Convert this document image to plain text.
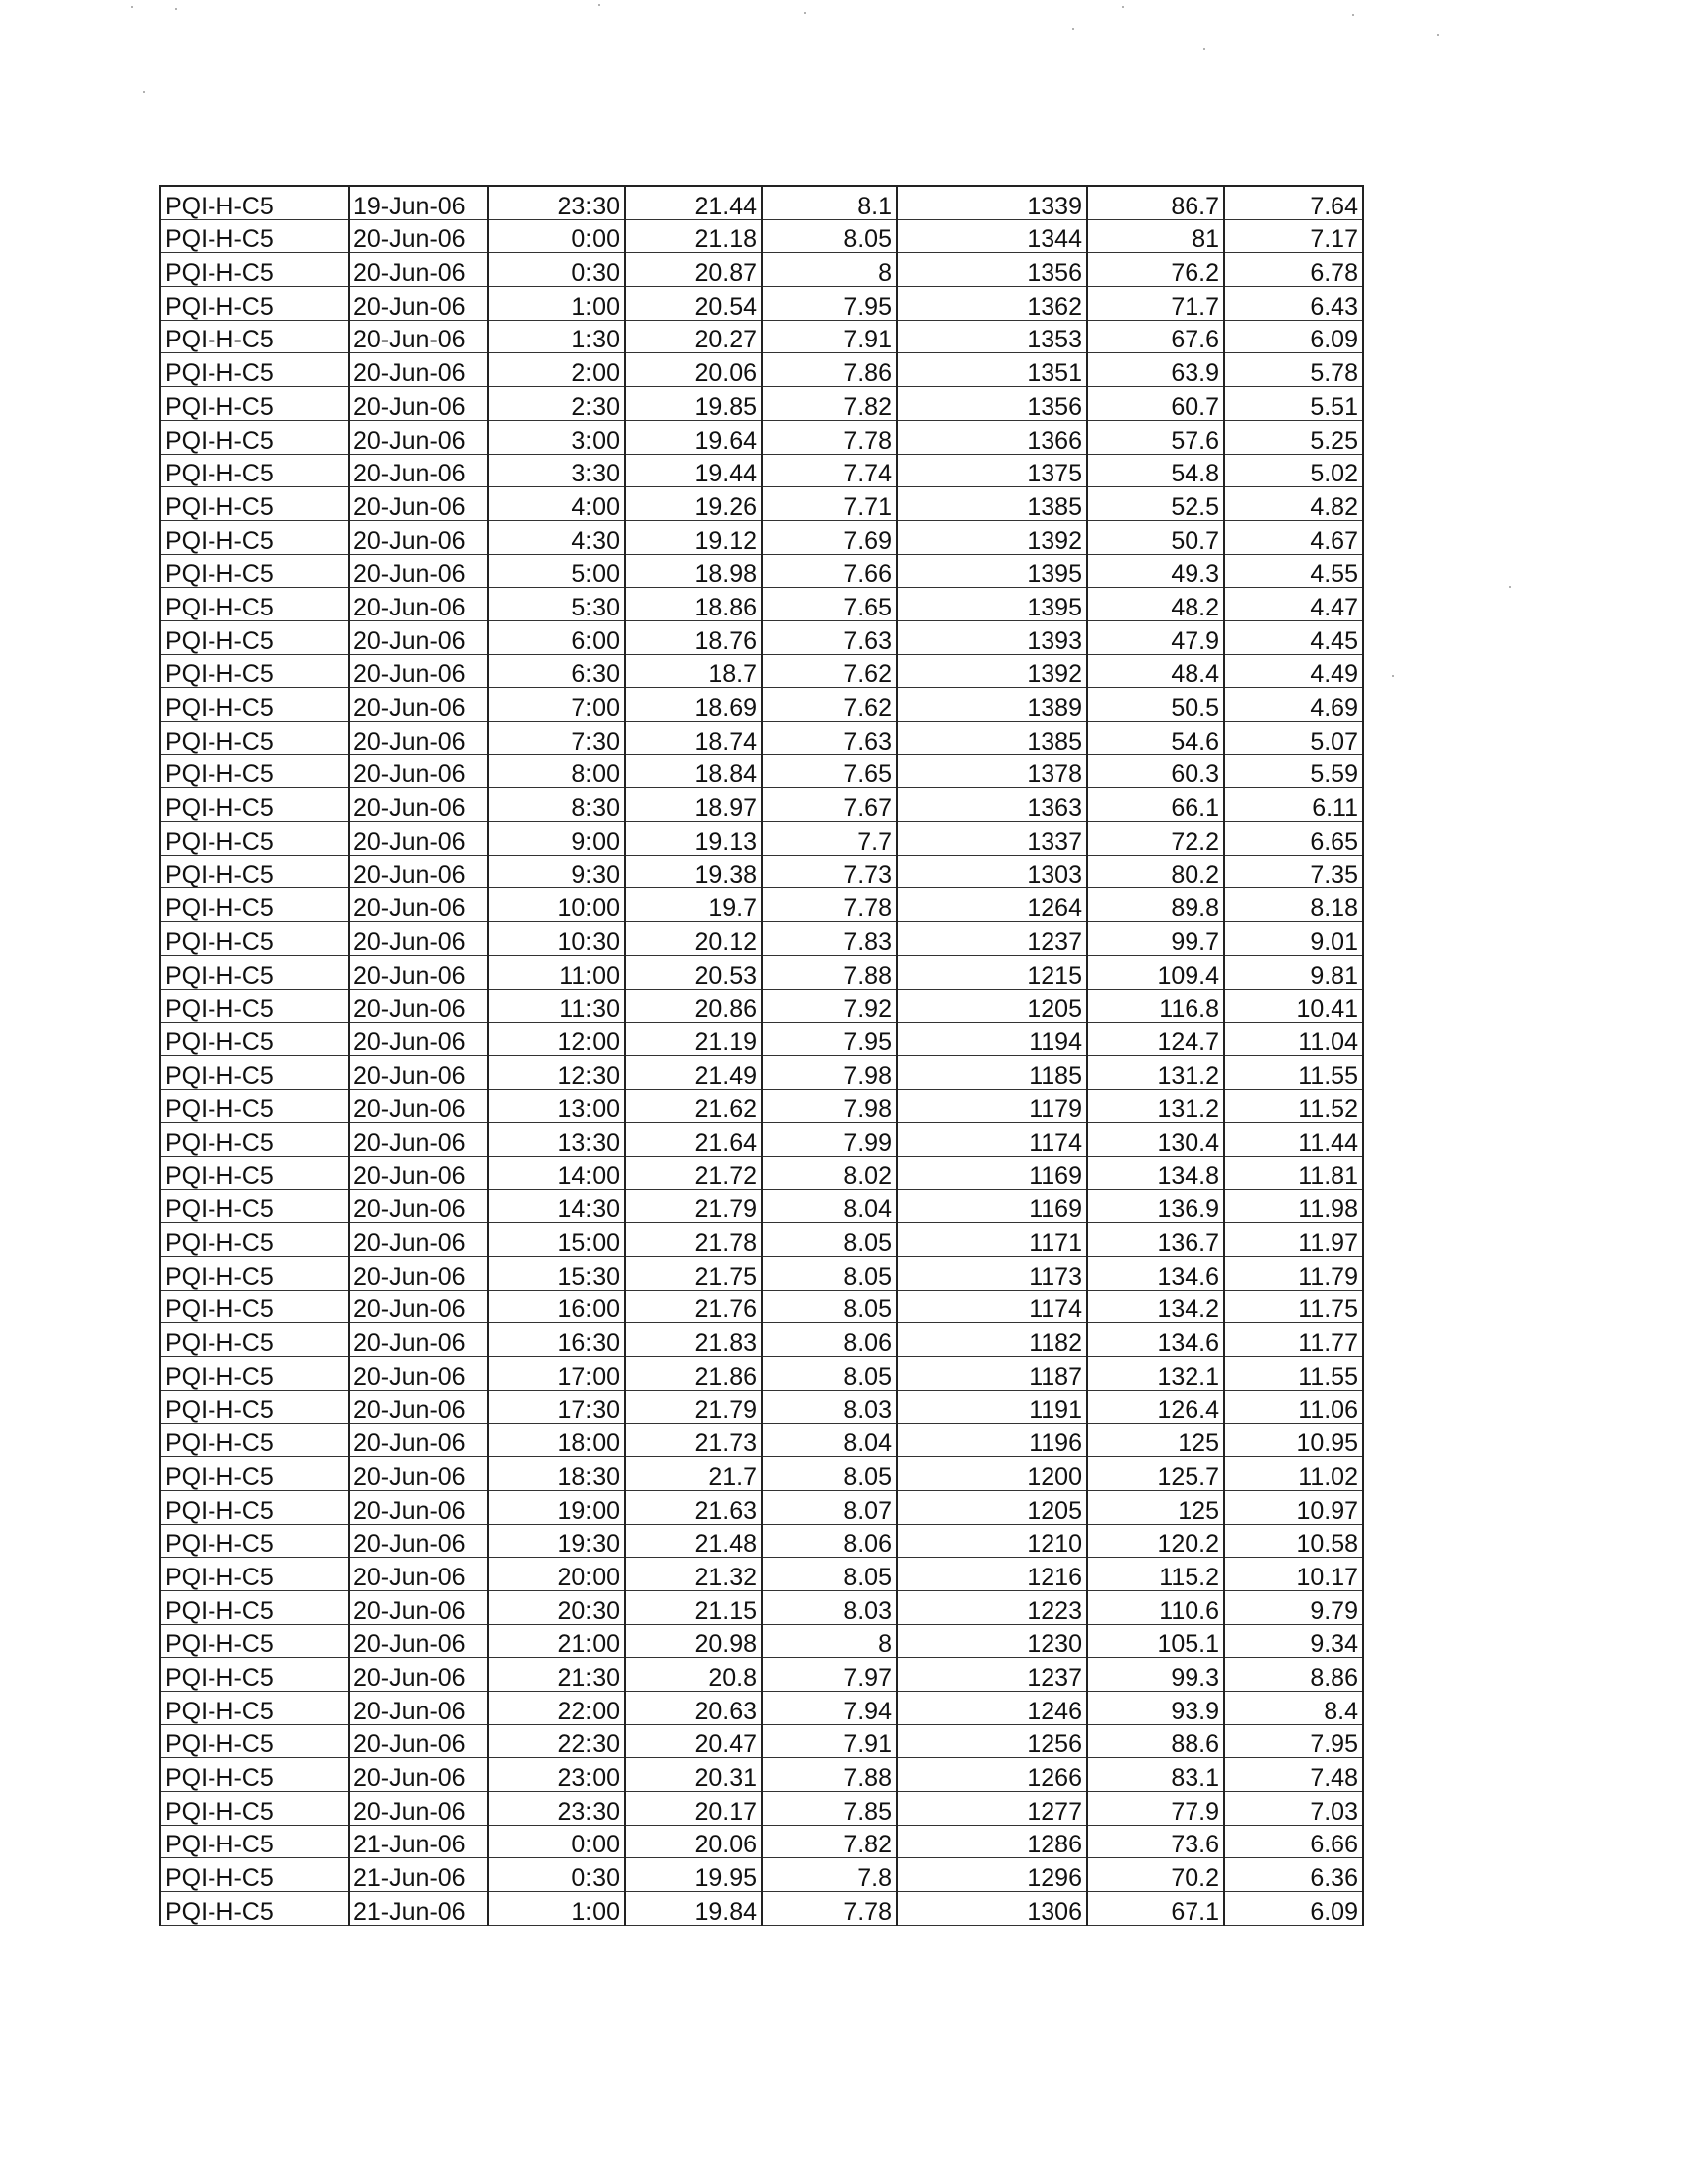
PQI-H-C5	19-Jun-06	23:30	21.44	8.1	1339	86.7	7.64
PQI-H-C5	20-Jun-06	0:00	21.18	8.05	1344	81	7.17
PQI-H-C5	20-Jun-06	0:30	20.87	8	1356	76.2	6.78
PQI-H-C5	20-Jun-06	1:00	20.54	7.95	1362	71.7	6.43
PQI-H-C5	20-Jun-06	1:30	20.27	7.91	1353	67.6	6.09
PQI-H-C5	20-Jun-06	2:00	20.06	7.86	1351	63.9	5.78
PQI-H-C5	20-Jun-06	2:30	19.85	7.82	1356	60.7	5.51
PQI-H-C5	20-Jun-06	3:00	19.64	7.78	1366	57.6	5.25
PQI-H-C5	20-Jun-06	3:30	19.44	7.74	1375	54.8	5.02
PQI-H-C5	20-Jun-06	4:00	19.26	7.71	1385	52.5	4.82
PQI-H-C5	20-Jun-06	4:30	19.12	7.69	1392	50.7	4.67
PQI-H-C5	20-Jun-06	5:00	18.98	7.66	1395	49.3	4.55
PQI-H-C5	20-Jun-06	5:30	18.86	7.65	1395	48.2	4.47
PQI-H-C5	20-Jun-06	6:00	18.76	7.63	1393	47.9	4.45
PQI-H-C5	20-Jun-06	6:30	18.7	7.62	1392	48.4	4.49
PQI-H-C5	20-Jun-06	7:00	18.69	7.62	1389	50.5	4.69
PQI-H-C5	20-Jun-06	7:30	18.74	7.63	1385	54.6	5.07
PQI-H-C5	20-Jun-06	8:00	18.84	7.65	1378	60.3	5.59
PQI-H-C5	20-Jun-06	8:30	18.97	7.67	1363	66.1	6.11
PQI-H-C5	20-Jun-06	9:00	19.13	7.7	1337	72.2	6.65
PQI-H-C5	20-Jun-06	9:30	19.38	7.73	1303	80.2	7.35
PQI-H-C5	20-Jun-06	10:00	19.7	7.78	1264	89.8	8.18
PQI-H-C5	20-Jun-06	10:30	20.12	7.83	1237	99.7	9.01
PQI-H-C5	20-Jun-06	11:00	20.53	7.88	1215	109.4	9.81
PQI-H-C5	20-Jun-06	11:30	20.86	7.92	1205	116.8	10.41
PQI-H-C5	20-Jun-06	12:00	21.19	7.95	1194	124.7	11.04
PQI-H-C5	20-Jun-06	12:30	21.49	7.98	1185	131.2	11.55
PQI-H-C5	20-Jun-06	13:00	21.62	7.98	1179	131.2	11.52
PQI-H-C5	20-Jun-06	13:30	21.64	7.99	1174	130.4	11.44
PQI-H-C5	20-Jun-06	14:00	21.72	8.02	1169	134.8	11.81
PQI-H-C5	20-Jun-06	14:30	21.79	8.04	1169	136.9	11.98
PQI-H-C5	20-Jun-06	15:00	21.78	8.05	1171	136.7	11.97
PQI-H-C5	20-Jun-06	15:30	21.75	8.05	1173	134.6	11.79
PQI-H-C5	20-Jun-06	16:00	21.76	8.05	1174	134.2	11.75
PQI-H-C5	20-Jun-06	16:30	21.83	8.06	1182	134.6	11.77
PQI-H-C5	20-Jun-06	17:00	21.86	8.05	1187	132.1	11.55
PQI-H-C5	20-Jun-06	17:30	21.79	8.03	1191	126.4	11.06
PQI-H-C5	20-Jun-06	18:00	21.73	8.04	1196	125	10.95
PQI-H-C5	20-Jun-06	18:30	21.7	8.05	1200	125.7	11.02
PQI-H-C5	20-Jun-06	19:00	21.63	8.07	1205	125	10.97
PQI-H-C5	20-Jun-06	19:30	21.48	8.06	1210	120.2	10.58
PQI-H-C5	20-Jun-06	20:00	21.32	8.05	1216	115.2	10.17
PQI-H-C5	20-Jun-06	20:30	21.15	8.03	1223	110.6	9.79
PQI-H-C5	20-Jun-06	21:00	20.98	8	1230	105.1	9.34
PQI-H-C5	20-Jun-06	21:30	20.8	7.97	1237	99.3	8.86
PQI-H-C5	20-Jun-06	22:00	20.63	7.94	1246	93.9	8.4
PQI-H-C5	20-Jun-06	22:30	20.47	7.91	1256	88.6	7.95
PQI-H-C5	20-Jun-06	23:00	20.31	7.88	1266	83.1	7.48
PQI-H-C5	20-Jun-06	23:30	20.17	7.85	1277	77.9	7.03
PQI-H-C5	21-Jun-06	0:00	20.06	7.82	1286	73.6	6.66
PQI-H-C5	21-Jun-06	0:30	19.95	7.8	1296	70.2	6.36
PQI-H-C5	21-Jun-06	1:00	19.84	7.78	1306	67.1	6.09
